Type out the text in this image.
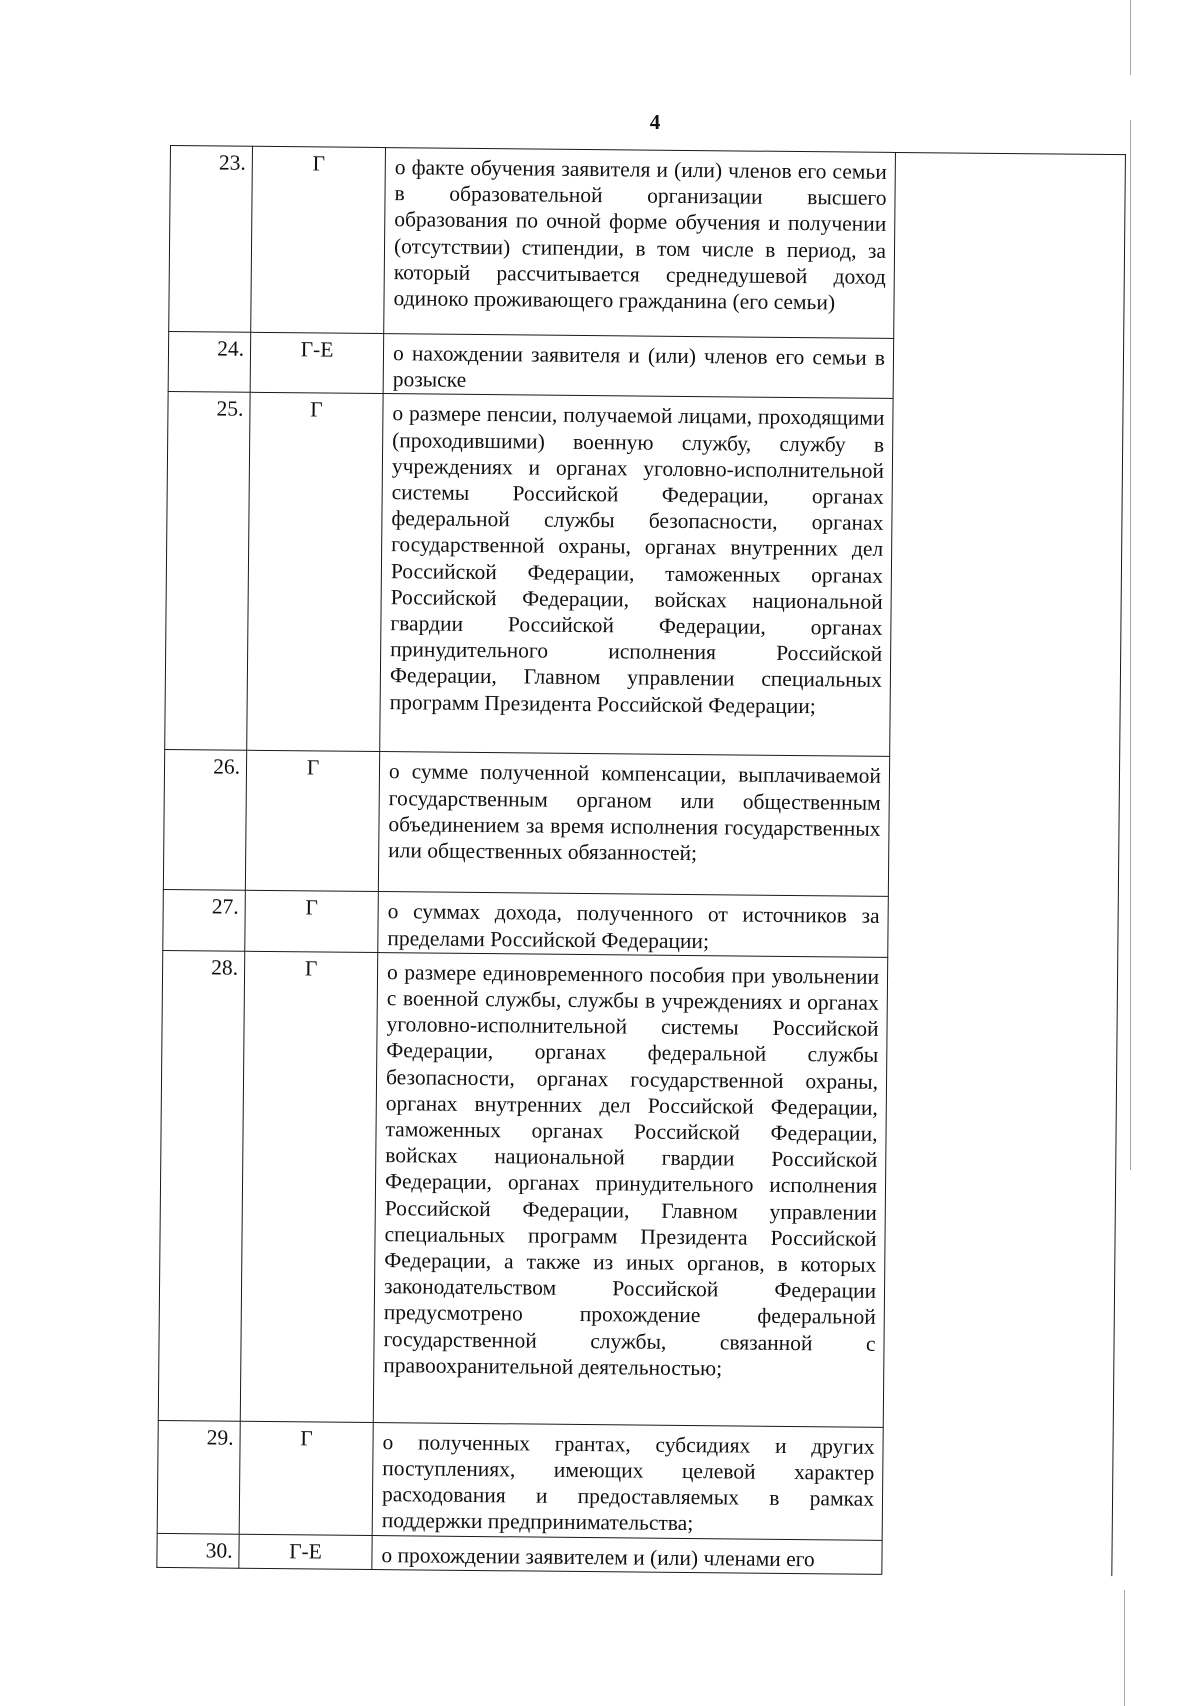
4
23.	Г	о факте обучения заявителя и (или) членов его семьи в образовательной организации высшего образования по очной форме обучения и получении (отсутствии) стипендии, в том числе в период, за который рассчитывается среднедушевой доход одиноко проживающего гражданина (его семьи)	
24.	Г-Е	о нахождении заявителя и (или) членов его семьи в розыске	
25.	Г	о размере пенсии, получаемой лицами, проходящими (проходившими) военную службу, службу в учреждениях и органах уголовно-исполнительной системы Российской Федерации, органах федеральной службы безопасности, органах государственной охраны, органах внутренних дел Российской Федерации, таможенных органах Российской Федерации, войсках национальной гвардии Российской Федерации, органах принудительного исполнения Российской Федерации, Главном управлении специальных программ Президента Российской Федерации;	
26.	Г	о сумме полученной компенсации, выплачиваемой государственным органом или общественным объединением за время исполнения государственных или общественных обязанностей;	
27.	Г	о суммах дохода, полученного от источников за пределами Российской Федерации;	
28.	Г	о размере единовременного пособия при увольнении с военной службы, службы в учреждениях и органах уголовно-исполнительной системы Российской Федерации, органах федеральной службы безопасности, органах государственной охраны, органах внутренних дел Российской Федерации, таможенных органах Российской Федерации, войсках национальной гвардии Российской Федерации, органах принудительного исполнения Российской Федерации, Главном управлении специальных программ Президента Российской Федерации, а также из иных органов, в которых законодательством Российской Федерации предусмотрено прохождение федеральной государственной службы, связанной с правоохранительной деятельностью;	
29.	Г	о полученных грантах, субсидиях и других поступлениях, имеющих целевой характер расходования и предоставляемых в рамках поддержки предпринимательства;	
30.	Г-Е	о прохождении заявителем и (или) членами его	
